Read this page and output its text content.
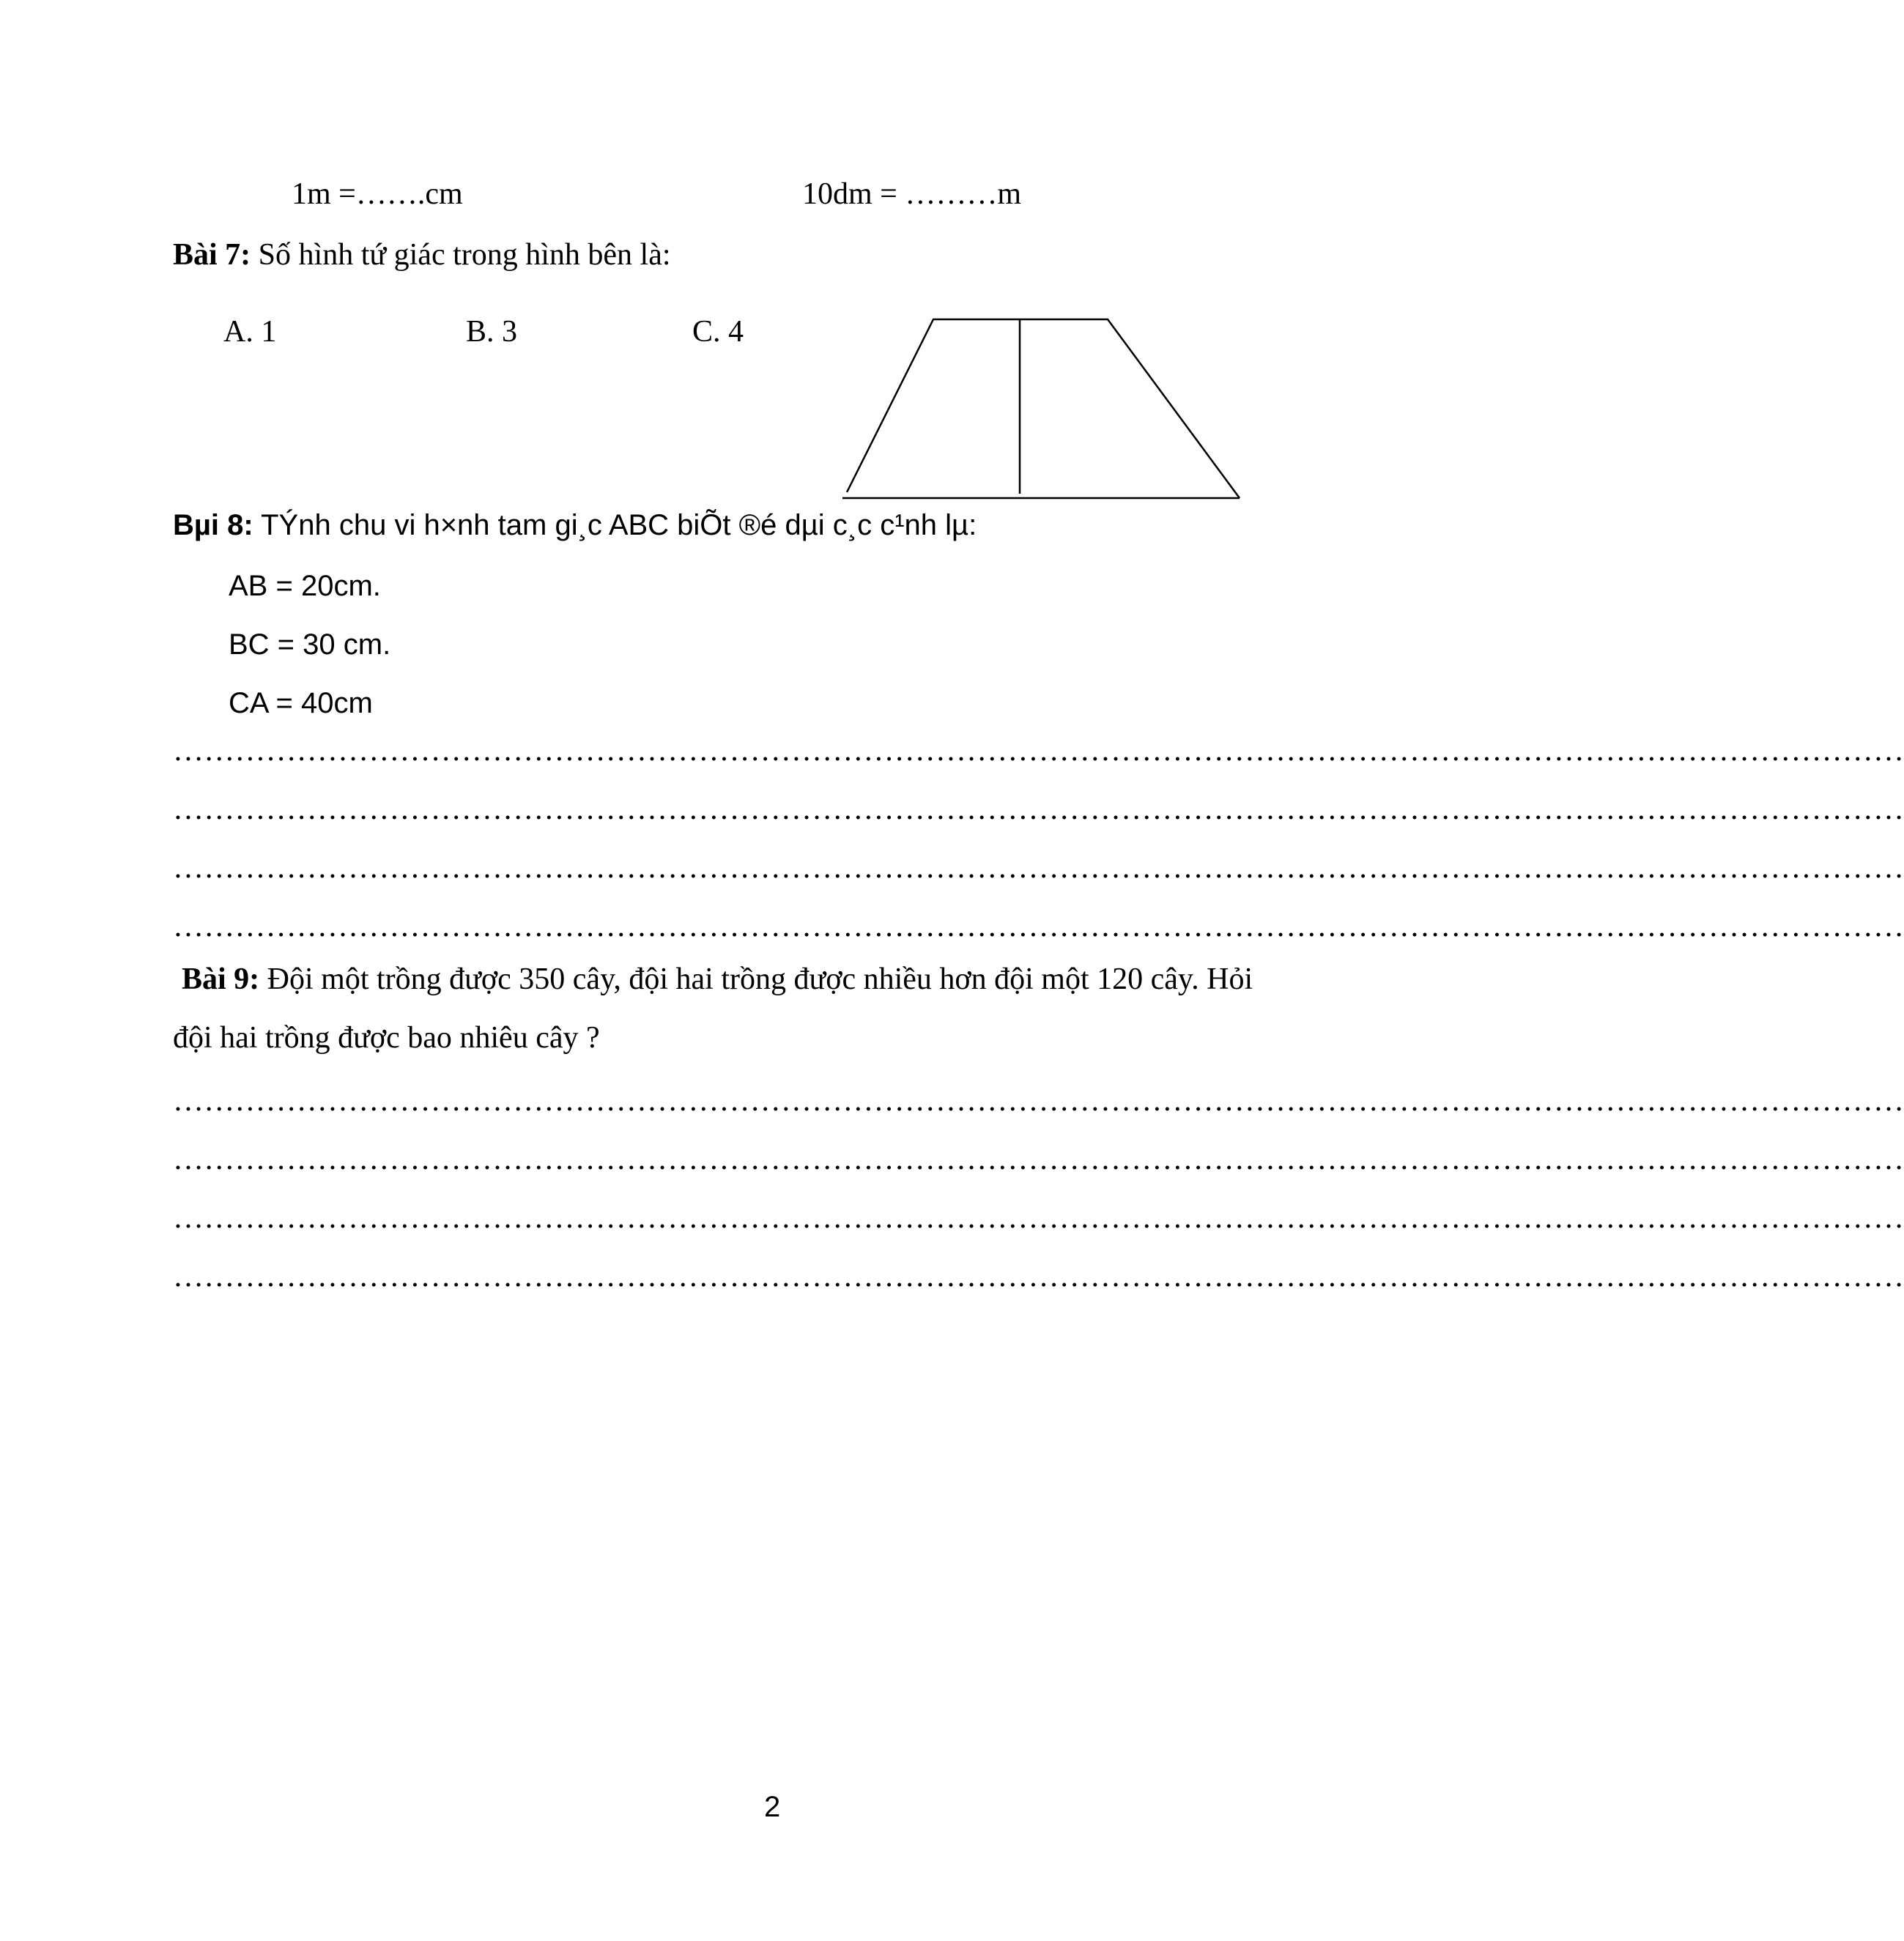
1m =…….cm	10dm = ………m
Bài 7: Số hình tứ giác trong hình bên là:
A. 1	B. 3	C. 4
Bµi 8: TÝnh chu vi h×nh tam gi¸c ABC biÕt ®é dµi c¸c c¹nh lµ:
AB = 20cm.
BC = 30 cm.
CA = 40cm
……………………………………………………………………………………………………………………………………………………
……………………………………………………………………………………………………………………………………………………
……………………………………………………………………………………………………………………………………………………
……………………………………………………………………………………………………………………………………………………
Bài 9: Đội một trồng được 350 cây, đội hai trồng được nhiều hơn đội một 120 cây. Hỏi
đội hai trồng được bao nhiêu cây ?
……………………………………………………………………………………………………………………………………………………
……………………………………………………………………………………………………………………………………………………
……………………………………………………………………………………………………………………………………………………
……………………………………………………………………………………………………………………………………………………
2
